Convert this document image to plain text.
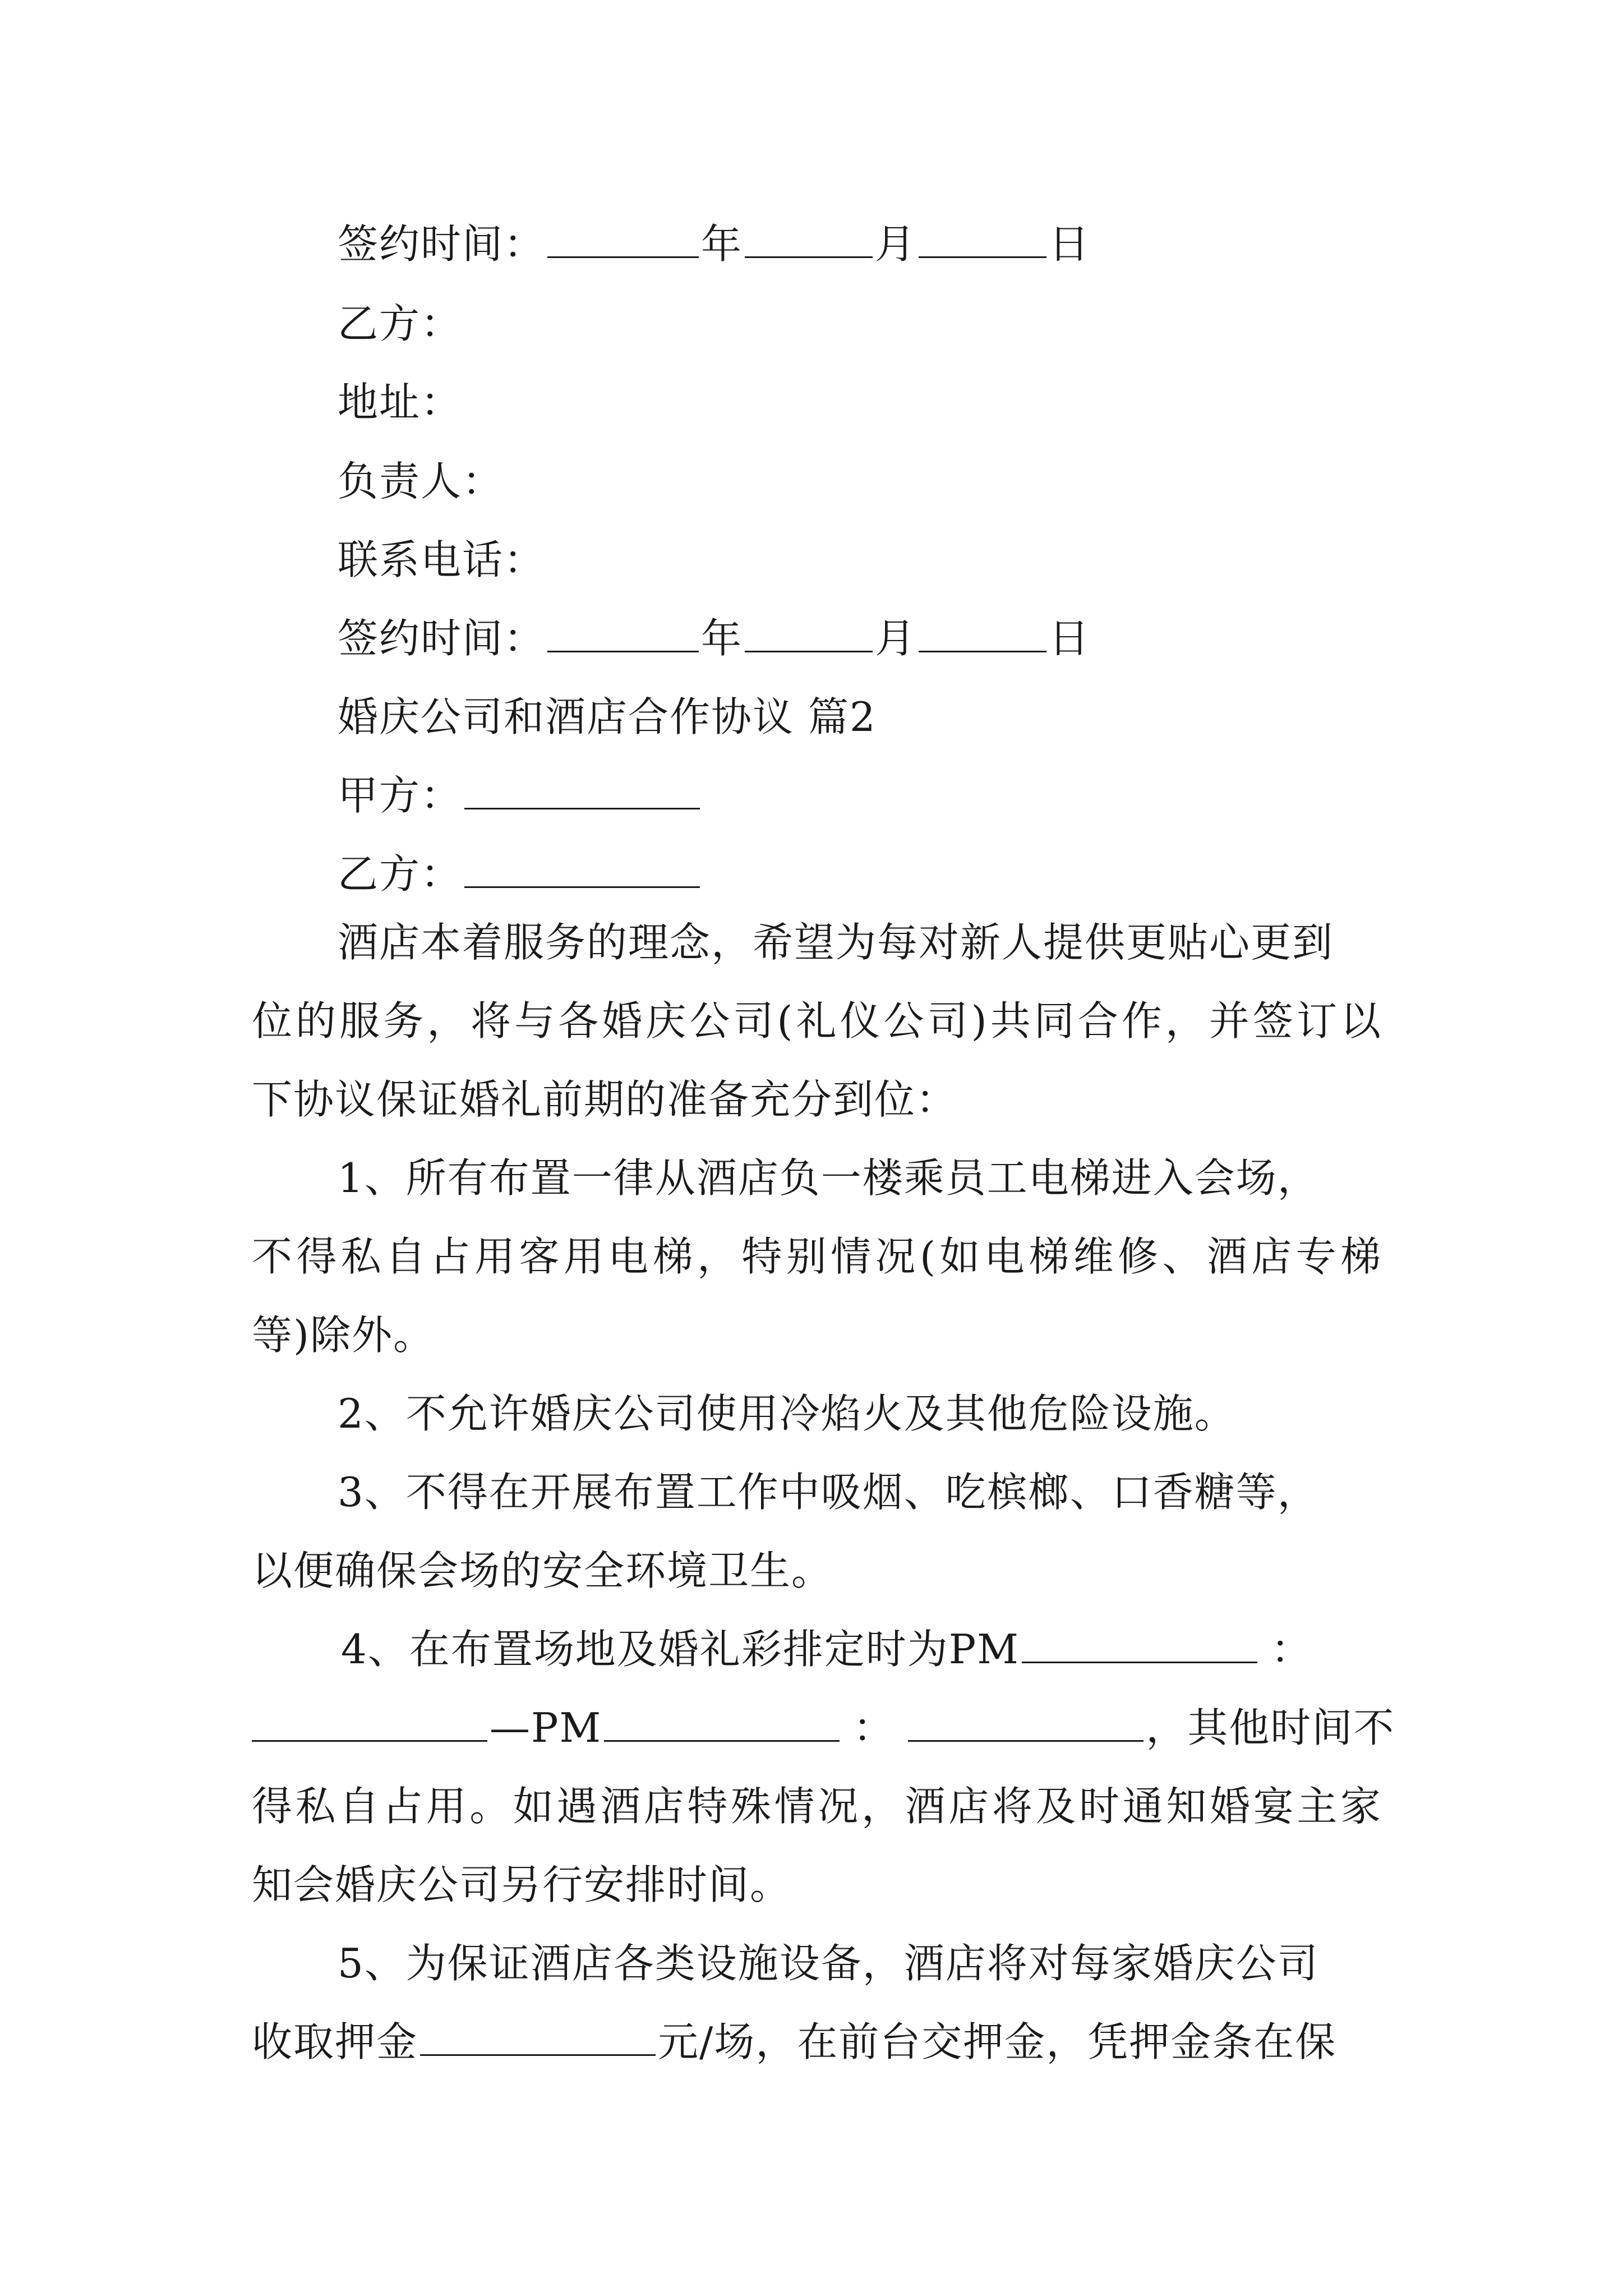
签约时间：	年	月	日
乙方：
地址：
负责人：
联系电话：
签约时间：	年	月	日
婚庆公司和酒店合作协议 篇2
甲方：
乙方：
酒店本着服务的理念，希望为每对新人提供更贴心更到
位的服务，将与各婚庆公司(礼仪公司)共同合作，并签订以
下协议保证婚礼前期的准备充分到位：
1、所有布置一律从酒店负一楼乘员工电梯进入会场，
不得私自占用客用电梯，特别情况(如电梯维修、酒店专梯
等)除外。
2、不允许婚庆公司使用冷焰火及其他危险设施。
3、不得在开展布置工作中吸烟、吃槟榔、口香糖等，
以便确保会场的安全环境卫生。
4、在布置场地及婚礼彩排定时为PM	：
—PM	：	，其他时间不
得私自占用。如遇酒店特殊情况，酒店将及时通知婚宴主家
知会婚庆公司另行安排时间。
5、为保证酒店各类设施设备，酒店将对每家婚庆公司
收取押金	元/场，在前台交押金，凭押金条在保
